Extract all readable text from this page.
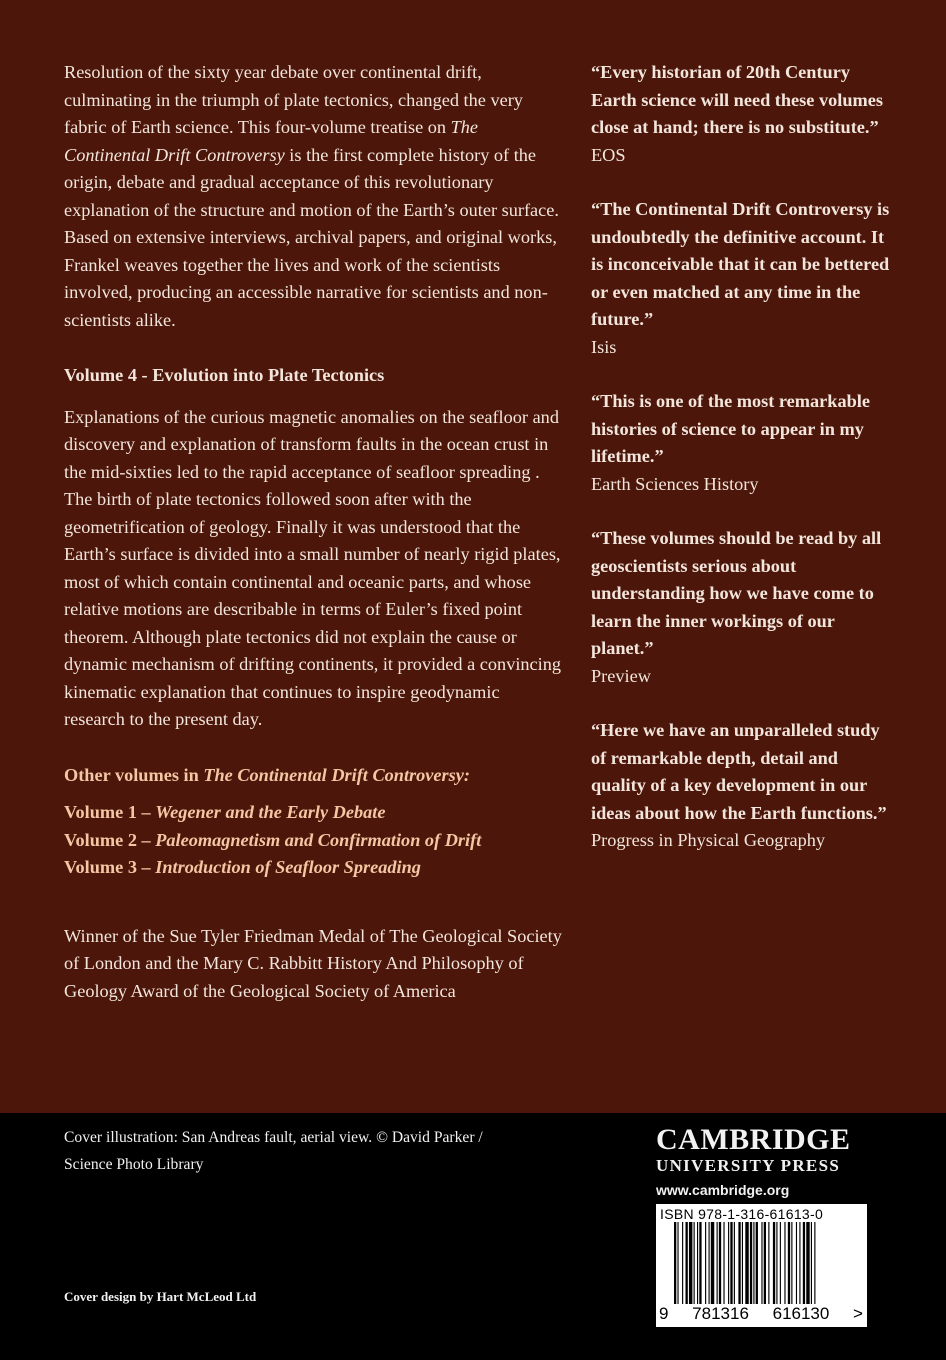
Resolution of the sixty year debate over continental drift, culminating in the triumph of plate tectonics, changed the very fabric of Earth science. This four-volume treatise on The Continental Drift Controversy is the first complete history of the origin, debate and gradual acceptance of this revolutionary explanation of the structure and motion of the Earth’s outer surface. Based on extensive interviews, archival papers, and original works, Frankel weaves together the lives and work of the scientists involved, producing an accessible narrative for scientists and non-scientists alike.

Volume 4 - Evolution into Plate Tectonics

Explanations of the curious magnetic anomalies on the seafloor and discovery and explanation of transform faults in the ocean crust in the mid-sixties led to the rapid acceptance of seafloor spreading . The birth of plate tectonics followed soon after with the geometrification of geology. Finally it was understood that the Earth’s surface is divided into a small number of nearly rigid plates, most of which contain continental and oceanic parts, and whose relative motions are describable in terms of Euler’s fixed point theorem. Although plate tectonics did not explain the cause or dynamic mechanism of drifting continents, it provided a convincing kinematic explanation that continues to inspire geodynamic research to the present day.

Other volumes in The Continental Drift Controversy:

Volume 1 – Wegener and the Early Debate

Volume 2 – Paleomagnetism and Confirmation of Drift

Volume 3 – Introduction of Seafloor Spreading

Winner of the Sue Tyler Friedman Medal of The Geological Society of London and the Mary C. Rabbitt History And Philosophy of Geology Award of the Geological Society of America

“Every historian of 20th Century Earth science will need these volumes close at hand; there is no substitute.”
EOS
“The Continental Drift Controversy is undoubtedly the definitive account. It is inconceivable that it can be bettered or even matched at any time in the future.”
Isis
“This is one of the most remarkable histories of science to appear in my lifetime.”
Earth Sciences History
“These volumes should be read by all geoscientists serious about understanding how we have come to learn the inner workings of our planet.”
Preview
“Here we have an unparalleled study of remarkable depth, detail and quality of a key development in our ideas about how the Earth functions.”
Progress in Physical Geography
Cover illustration: San Andreas fault, aerial view. © David Parker / Science Photo Library
Cover design by Hart McLeod Ltd
CAMBRIDGE
UNIVERSITY PRESS
www.cambridge.org
ISBN 978-1-316-61613-0
9 781316 616130 >
